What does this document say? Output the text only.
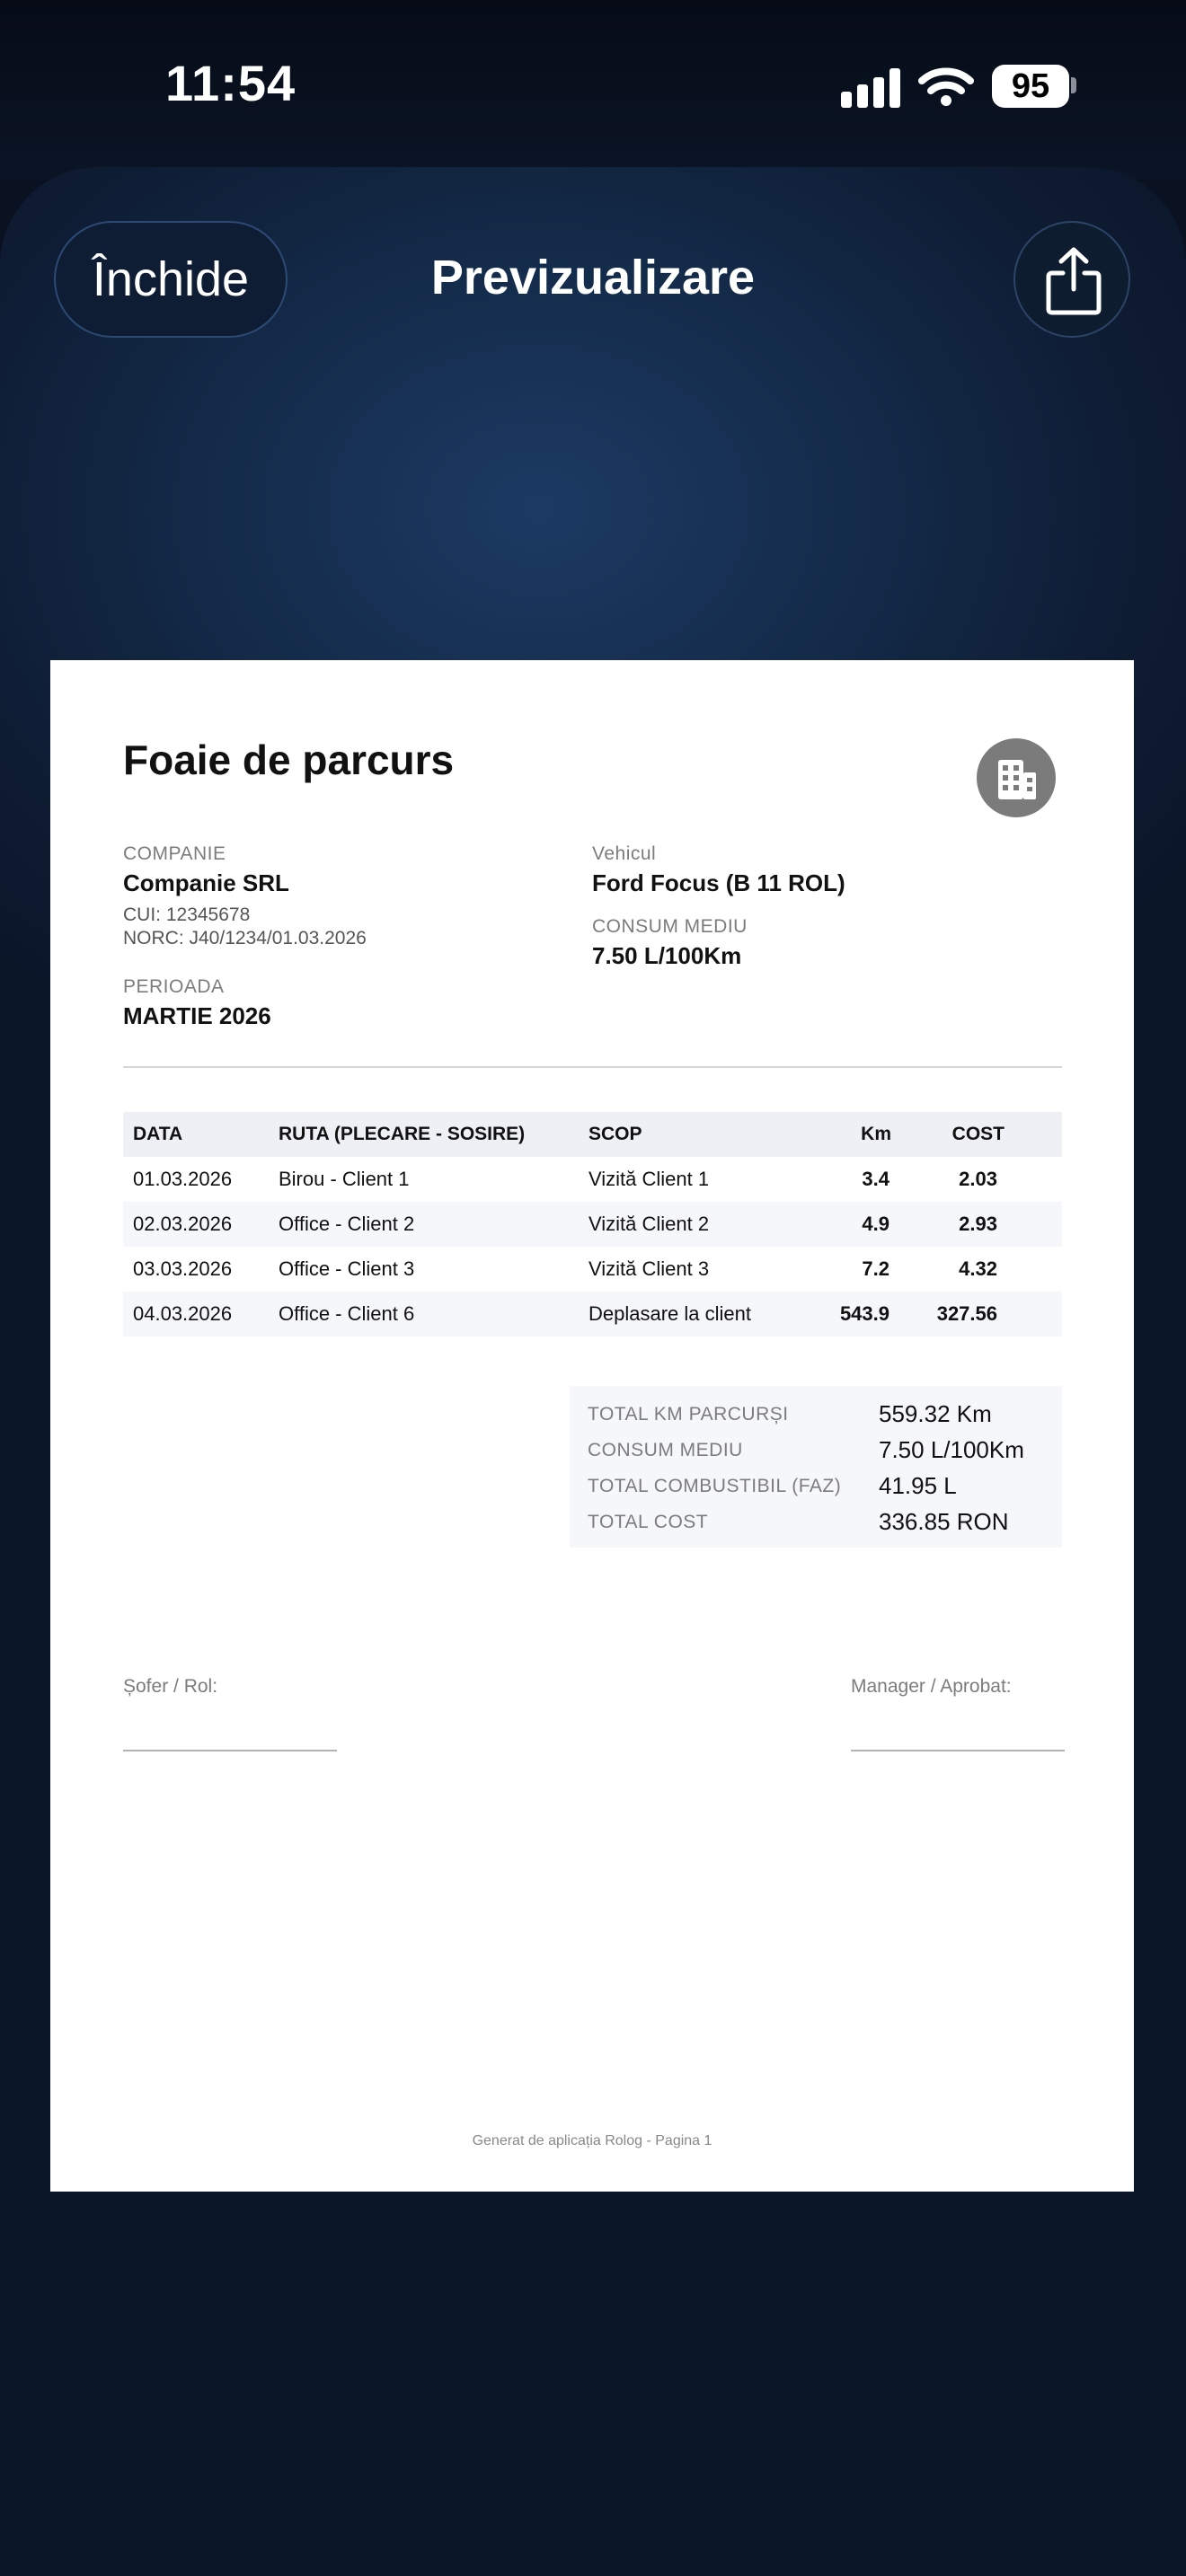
11:54	95
Închide	Previzualizare
Foaie de parcurs
COMPANIE
Companie SRL
CUI: 12345678
NORC: J40/1234/01.03.2026
PERIOADA
MARTIE 2026
Vehicul
Ford Focus (B 11 ROL)
CONSUM MEDIU
7.50 L/100Km
DATA	RUTA (PLECARE - SOSIRE)	SCOP	Km	COST
01.03.2026 Birou - Client 1	Vizită Client 1	3.4	2.03
02.03.2026 Office - Client 2	Vizită Client 2	4.9	2.93
03.03.2026 Office - Client 3	Vizită Client 3	7.2	4.32
04.03.2026 Office - Client 6	Deplasare la client	543.9 327.56
TOTAL KM PARCURȘI	559.32 Km
CONSUM MEDIU	7.50 L/100Km
TOTAL COMBUSTIBIL (FAZ) 41.95 L
TOTAL COST	336.85 RON
Șofer / Rol:	Manager / Aprobat:
Generat de aplicația Rolog - Pagina 1
